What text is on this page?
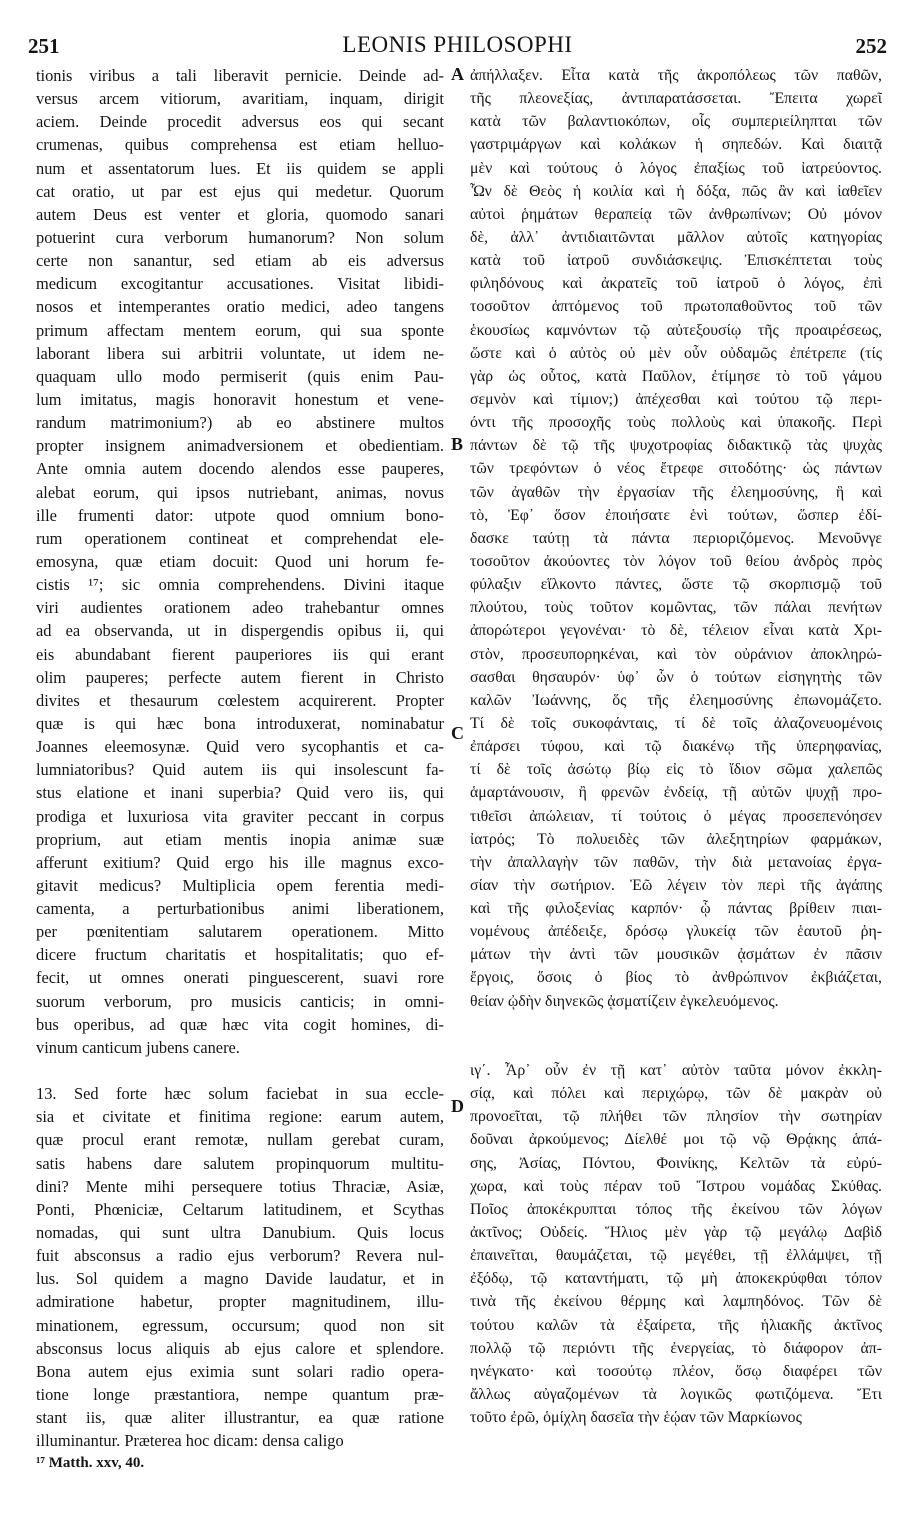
251	LEONIS PHILOSOPHI	252
tionis viribus a tali liberavit pernicie. Deinde ad-
versus arcem vitiorum, avaritiam, inquam, dirigit
aciem. Deinde procedit adversus eos qui secant
crumenas, quibus comprehensa est etiam helluo-
num et assentatorum lues. Et iis quidem se appli
cat oratio, ut par est ejus qui medetur. Quorum
autem Deus est venter et gloria, quomodo sanari
potuerint cura verborum humanorum? Non solum
certe non sanantur, sed etiam ab eis adversus
medicum excogitantur accusationes. Visitat libidi-
nosos et intemperantes oratio medici, adeo tangens
primum affectam mentem eorum, qui sua sponte
laborant libera sui arbitrii voluntate, ut idem ne-
quaquam ullo modo permiserit (quis enim Pau-
lum imitatus, magis honoravit honestum et vene-
randum matrimonium?) ab eo abstinere multos
propter insignem animadversionem et obedientiam.
Ante omnia autem docendo alendos esse pauperes,
alebat eorum, qui ipsos nutriebant, animas, novus
ille frumenti dator: utpote quod omnium bono-
rum operationem contineat et comprehendat ele-
emosyna, quæ etiam docuit: Quod uni horum fe-
cistis ¹⁷; sic omnia comprehendens. Divini itaque
viri audientes orationem adeo trahebantur omnes
ad ea observanda, ut in dispergendis opibus ii, qui
eis abundabant fierent pauperiores iis qui erant
olim pauperes; perfecte autem fierent in Christo
divites et thesaurum cœlestem acquirerent. Propter
quæ is qui hæc bona introduxerat, nominabatur
Joannes eleemosynæ. Quid vero sycophantis et ca-
lumniatoribus? Quid autem iis qui insolescunt fa-
stus elatione et inani superbia? Quid vero iis, qui
prodiga et luxuriosa vita graviter peccant in corpus
proprium, aut etiam mentis inopia animæ suæ
afferunt exitium? Quid ergo his ille magnus exco-
gitavit medicus? Multiplicia opem ferentia medi-
camenta, a perturbationibus animi liberationem,
per pœnitentiam salutarem operationem. Mitto
dicere fructum charitatis et hospitalitatis; quo ef-
fecit, ut omnes onerati pinguescerent, suavi rore
suorum verborum, pro musicis canticis; in omni-
bus operibus, ad quæ hæc vita cogit homines, di-
vinum canticum jubens canere.
13. Sed forte hæc solum faciebat in sua eccle-
sia et civitate et finitima regione: earum autem,
quæ procul erant remotæ, nullam gerebat curam,
satis habens dare salutem propinquorum multitu-
dini? Mente mihi persequere totius Thraciæ, Asiæ,
Ponti, Phœniciæ, Celtarum latitudinem, et Scythas
nomadas, qui sunt ultra Danubium. Quis locus
fuit absconsus a radio ejus verborum? Revera nul-
lus. Sol quidem a magno Davide laudatur, et in
admiratione habetur, propter magnitudinem, illu-
minationem, egressum, occursum; quod non sit
absconsus locus aliquis ab ejus calore et splendore.
Bona autem ejus eximia sunt solari radio opera-
tione longe præstantiora, nempe quantum præ-
stant iis, quæ aliter illustrantur, ea quæ ratione
illuminantur. Præterea hoc dicam: densa caligo
¹⁷ Matth. xxv, 40.
ἀπήλλαξεν. Εἶτα κατὰ τῆς ἀκροπόλεως τῶν παθῶν,
τῆς πλεονεξίας, ἀντιπαρατάσσεται. Ἔπειτα χωρεῖ
κατὰ τῶν βαλαντιοκόπων, οἷς συμπεριείληπται τῶν
γαστριμάργων καὶ κολάκων ἡ σηπεδών. Καὶ διαιτᾷ
μὲν καὶ τούτους ὁ λόγος ἐπαξίως τοῦ ἰατρεύοντος.
Ὧν δὲ Θεὸς ἡ κοιλία καὶ ἡ δόξα, πῶς ἂν καὶ ἰαθεῖεν
αὐτοὶ ῥημάτων θεραπείᾳ τῶν ἀνθρωπίνων; Οὐ μόνον
δὲ, ἀλλ᾽ ἀντιδιαιτῶνται μᾶλλον αὐτοῖς κατηγορίας
κατὰ τοῦ ἰατροῦ συνδιάσκεψις. Ἐπισκέπτεται τοὺς
φιληδόνους καὶ ἀκρατεῖς τοῦ ἰατροῦ ὁ λόγος, ἐπὶ
τοσοῦτον ἁπτόμενος τοῦ πρωτοπαθοῦντος τοῦ τῶν
ἑκουσίως καμνόντων τῷ αὐτεξουσίῳ τῆς προαιρέσεως,
ὥστε καὶ ὁ αὐτὸς οὐ μὲν οὖν οὐδαμῶς ἐπέτρεπε (τίς
γὰρ ὡς οὗτος, κατὰ Παῦλον, ἐτίμησε τὸ τοῦ γάμου
σεμνὸν καὶ τίμιον;) ἀπέχεσθαι καὶ τούτου τῷ περι-
όντι τῆς προσοχῆς τοὺς πολλοὺς καὶ ὑπακοῆς. Περὶ
πάντων δὲ τῷ τῆς ψυχοτροφίας διδακτικῷ τὰς ψυχὰς
τῶν τρεφόντων ὁ νέος ἔτρεφε σιτοδότης· ὡς πάντων
τῶν ἀγαθῶν τὴν ἐργασίαν τῆς ἐλεημοσύνης, ἣ καὶ
τὸ, Ἐφ᾽ ὅσον ἐποιήσατε ἑνὶ τούτων, ὥσπερ ἐδί-
δασκε ταύτῃ τὰ πάντα περιοριζόμενος. Μενοῦνγε
τοσοῦτον ἀκούοντες τὸν λόγον τοῦ θείου ἀνδρὸς πρὸς
φύλαξιν εἵλκοντο πάντες, ὥστε τῷ σκορπισμῷ τοῦ
πλούτου, τοὺς τοῦτον κομῶντας, τῶν πάλαι πενήτων
ἀπορώτεροι γεγονέναι· τὸ δὲ, τέλειον εἶναι κατὰ Χρι-
στὸν, προσευπορηκέναι, καὶ τὸν οὐράνιον ἀποκληρώ-
σασθαι θησαυρόν· ὑφ᾽ ὧν ὁ τούτων εἰσηγητὴς τῶν
καλῶν Ἰωάννης, ὅς τῆς ἐλεημοσύνης ἐπωνομάζετο.
Τί δὲ τοῖς συκοφάνταις, τί δὲ τοῖς ἀλαζονευομένοις
ἐπάρσει τύφου, καὶ τῷ διακένῳ τῆς ὑπερηφανίας,
τί δὲ τοῖς ἀσώτῳ βίῳ εἰς τὸ ἴδιον σῶμα χαλεπῶς
ἁμαρτάνουσιν, ἢ φρενῶν ἐνδείᾳ, τῇ αὐτῶν ψυχῇ προ-
τιθεῖσι ἀπώλειαν, τί τούτοις ὁ μέγας προσεπενόησεν
ἰατρός; Τὸ πολυειδὲς τῶν ἀλεξητηρίων φαρμάκων,
τὴν ἀπαλλαγὴν τῶν παθῶν, τὴν διὰ μετανοίας ἐργα-
σίαν τὴν σωτήριον. Ἐῶ λέγειν τὸν περὶ τῆς ἀγάπης
καὶ τῆς φιλοξενίας καρπόν· ᾧ πάντας βρίθειν πιαι-
νομένους ἀπέδειξε, δρόσῳ γλυκείᾳ τῶν ἑαυτοῦ ῥη-
μάτων τὴν ἀντὶ τῶν μουσικῶν ᾀσμάτων ἐν πᾶσιν
ἔργοις, ὅσοις ὁ βίος τὸ ἀνθρώπινον ἐκβιάζεται,
θείαν ᾠδὴν διηνεκῶς ᾀσματίζειν ἐγκελευόμενος.
ιγ΄. Ἆρ᾽ οὖν ἐν τῇ κατ᾽ αὐτὸν ταῦτα μόνον ἐκκλη-
σίᾳ, καὶ πόλει καὶ περιχώρῳ, τῶν δὲ μακρὰν οὐ
προνοεῖται, τῷ πλήθει τῶν πλησίον τὴν σωτηρίαν
δοῦναι ἀρκούμενος; Δίελθέ μοι τῷ νῷ Θρᾴκης ἁπά-
σης, Ἀσίας, Πόντου, Φοινίκης, Κελτῶν τὰ εὐρύ-
χωρα, καὶ τοὺς πέραν τοῦ Ἴστρου νομάδας Σκύθας.
Ποῖος ἀποκέκρυπται τόπος τῆς ἐκείνου τῶν λόγων
ἀκτῖνος; Οὐδείς. Ἥλιος μὲν γὰρ τῷ μεγάλῳ Δαβὶδ
ἐπαινεῖται, θαυμάζεται, τῷ μεγέθει, τῇ ἐλλάμψει, τῇ
ἐξόδῳ, τῷ καταντήματι, τῷ μὴ ἀποκεκρύφθαι τόπον
τινὰ τῆς ἐκείνου θέρμης καὶ λαμπηδόνος. Τῶν δὲ
τούτου καλῶν τὰ ἐξαίρετα, τῆς ἡλιακῆς ἀκτῖνος
πολλῷ τῷ περιόντι τῆς ἐνεργείας, τὸ διάφορον ἀπ-
ηνέγκατο· καὶ τοσούτῳ πλέον, ὅσῳ διαφέρει τῶν
ἄλλως αὐγαζομένων τὰ λογικῶς φωτιζόμενα. Ἔτι
τοῦτο ἐρῶ, ὁμίχλη δασεῖα τὴν ἑῴαν τῶν Μαρκίωνος
A
B
C
D
